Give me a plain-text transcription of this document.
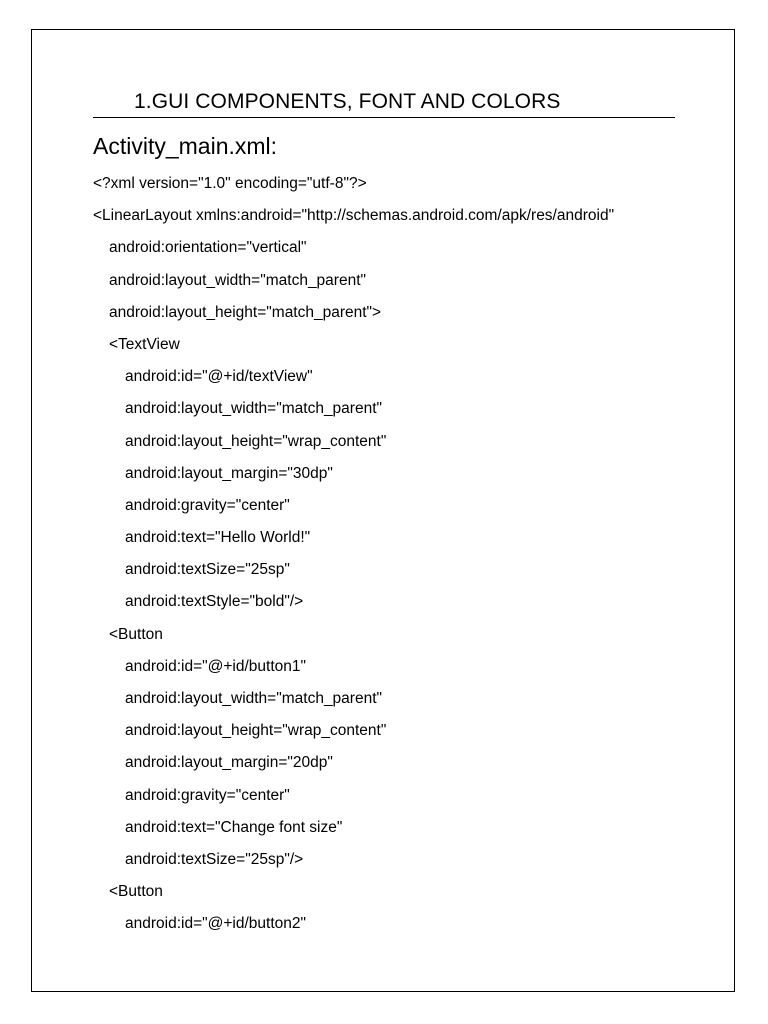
1.GUI COMPONENTS, FONT AND COLORS
Activity_main.xml:
<?xml version="1.0" encoding="utf-8"?>
<LinearLayout xmlns:android="http://schemas.android.com/apk/res/android"
android:orientation="vertical"
android:layout_width="match_parent"
android:layout_height="match_parent">
<TextView
android:id="@+id/textView"
android:layout_width="match_parent"
android:layout_height="wrap_content"
android:layout_margin="30dp"
android:gravity="center"
android:text="Hello World!"
android:textSize="25sp"
android:textStyle="bold"/>
<Button
android:id="@+id/button1"
android:layout_width="match_parent"
android:layout_height="wrap_content"
android:layout_margin="20dp"
android:gravity="center"
android:text="Change font size"
android:textSize="25sp"/>
<Button
android:id="@+id/button2"
